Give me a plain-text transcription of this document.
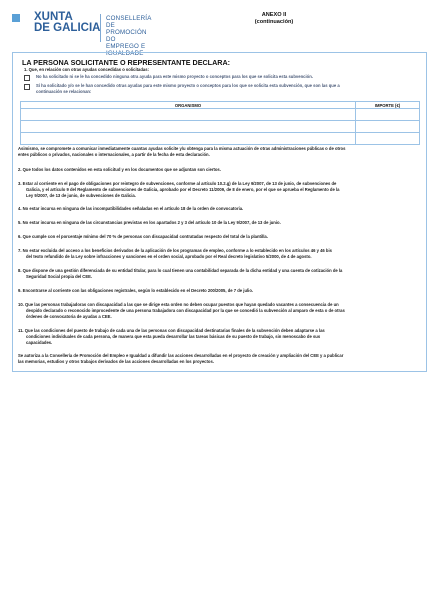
XUNTA
DE GALICIA
CONSELLERÍA DE
PROMOCIÓN DO
EMPREGO E IGUALDADE
ANEXO II
(continuación)
LA PERSONA SOLICITANTE O REPRESENTANTE DECLARA:
1. Que, en relación con otras ayudas concedidas o solicitadas:
No ha solicitado ni se le ha concedido ninguna otra ayuda para este mismo proyecto o conceptos para los que se solicita esta subvención.
Sí ha solicitado y/o se le han concedido otras ayudas para este mismo proyecto o conceptos para los que se solicita esta subvención, que son las que a
continuación se relacionan:
ORGANISMO	IMPORTE (€)

Asimismo, se compromete a comunicar inmediatamente cuantas ayudas solicite y/u obtenga para la misma actuación de otras administraciones públicas o de otros
entes públicos o privados, nacionales o internacionales, a partir de la fecha de esta declaración.
2. Que todos los datos contenidos en esta solicitud y en los documentos que se adjuntan son ciertos.
3. Estar al corriente en el pago de obligaciones por reintegro de subvenciones, conforme al artículo 10.2.g) de la Ley 9/2007, de 13 de junio, de subvenciones de
Galicia, y el artículo 9 del Reglamento de subvenciones de Galicia, aprobado por el Decreto 11/2009, de 8 de enero, por el que se aprueba el Reglamento de la
Ley 9/2007, de 13 de junio, de subvenciones de Galicia.
4. No estar incursa en ninguna de las incompatibilidades señaladas en el artículo 18 de la orden de convocatoria.
5. No estar incursa en ninguna de las circunstancias previstas en los apartados 2 y 3 del artículo 10 de la Ley 9/2007, de 13 de junio.
6. Que cumple con el porcentaje mínimo del 70 % de personas con discapacidad contratadas respecto del total de la plantilla.
7. No estar excluida del acceso a los beneficios derivados de la aplicación de los programas de empleo, conforme a lo establecido en los artículos 46 y 46 bis
del texto refundido de la Ley sobre infracciones y sanciones en el orden social, aprobado por el Real decreto legislativo 5/2000, de 4 de agosto.
8. Que dispone de una gestión diferenciada de su entidad titular, para lo cual tienen una contabilidad separada de la dicha entidad y una cuenta de cotización de la
Seguridad Social propia del CEE.
9. Encontrarse al corriente con las obligaciones registrales, según lo establecido en el Decreto 200/2005, de 7 de julio.
10. Que las personas trabajadoras con discapacidad a las que se dirige esta orden no deben ocupar puestos que hayan quedado vacantes a consecuencia de un
despido declarado o reconocido improcedente de una persona trabajadora con discapacidad por la que se concedió la subvención al amparo de esta o de otras
órdenes de convocatoria de ayudas a CEE.
11. Que las condiciones del puesto de trabajo de cada una de las personas con discapacidad destinatarias finales de la subvención deben adaptarse a las
condiciones individuales de cada persona, de manera que esta pueda desarrollar las tareas básicas de su puesto de trabajo, sin menoscabo de sus
capacidades.
Se autoriza a la Consellería de Promoción del Empleo e Igualdad a difundir las acciones desarrolladas en el proyecto de creación y ampliación del CEE y a publicar
las memorias, estudios y otros trabajos derivados de las acciones desarrolladas en los proyectos.
